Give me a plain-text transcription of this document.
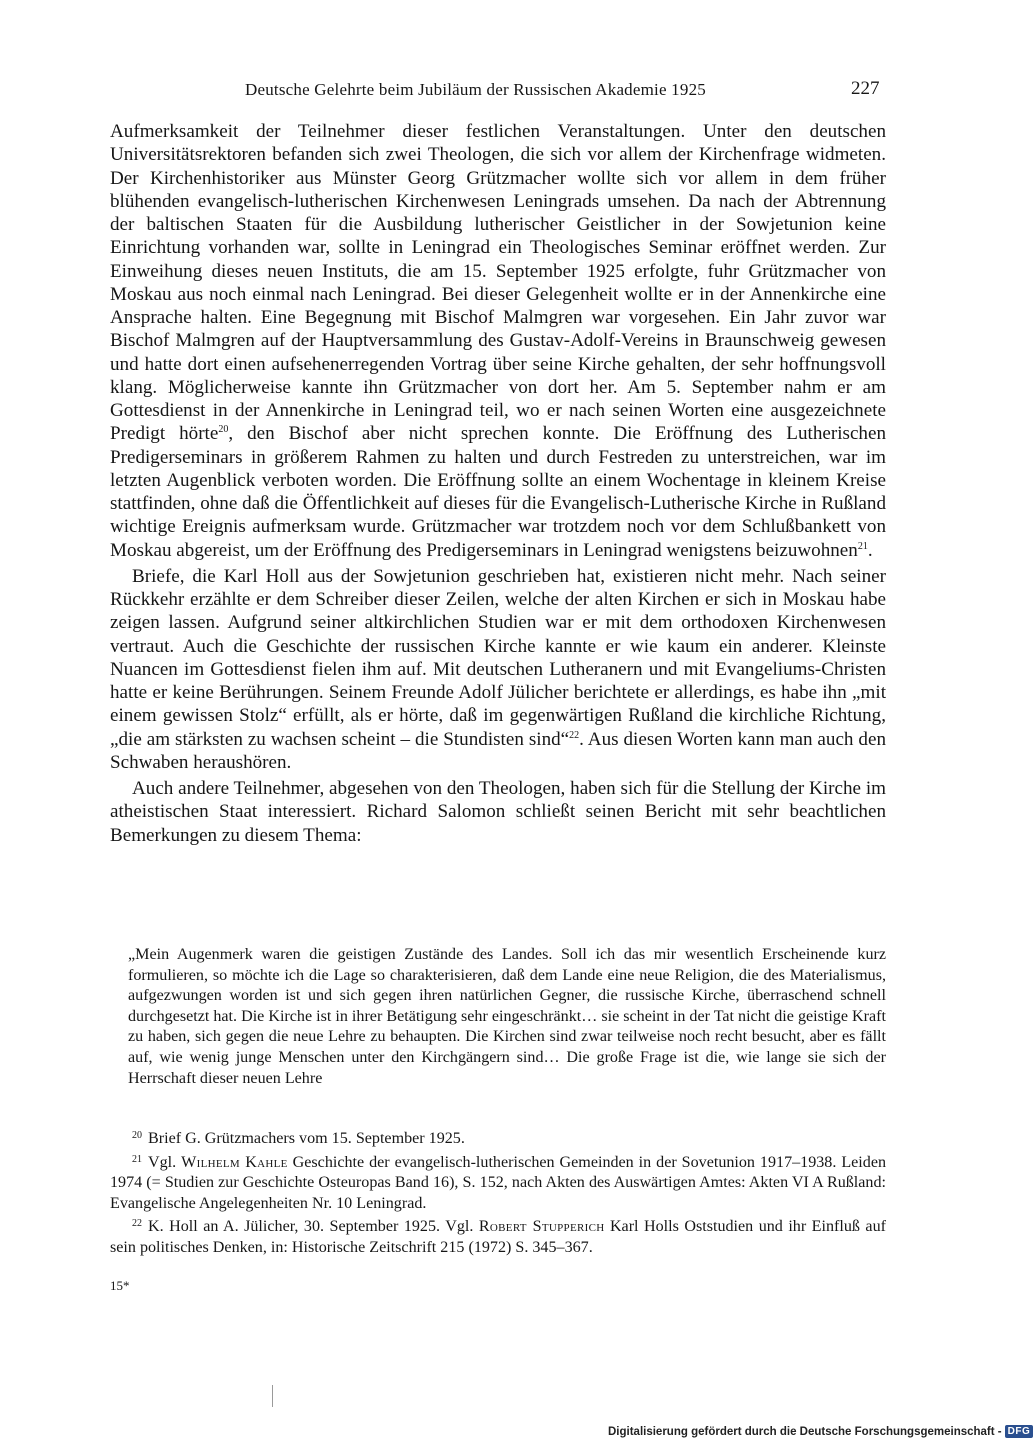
Deutsche Gelehrte beim Jubiläum der Russischen Akademie 1925	227

Aufmerksamkeit der Teilnehmer dieser festlichen Veranstaltungen. Unter den deutschen Universitätsrektoren befanden sich zwei Theologen, die sich vor allem der Kirchenfrage widmeten. Der Kirchenhistoriker aus Münster Georg Grützmacher wollte sich vor allem in dem früher blühenden evangelisch-lutherischen Kirchenwesen Leningrads umsehen. Da nach der Abtrennung der baltischen Staaten für die Ausbildung lutherischer Geistlicher in der Sowjetunion keine Einrichtung vorhanden war, sollte in Leningrad ein Theologisches Seminar eröffnet werden. Zur Einweihung dieses neuen Instituts, die am 15. September 1925 erfolgte, fuhr Grützmacher von Moskau aus noch einmal nach Leningrad. Bei dieser Gelegenheit wollte er in der Annenkirche eine Ansprache halten. Eine Begegnung mit Bischof Malmgren war vorgesehen. Ein Jahr zuvor war Bischof Malmgren auf der Hauptversammlung des Gustav-Adolf-Vereins in Braunschweig gewesen und hatte dort einen aufsehenerregenden Vortrag über seine Kirche gehalten, der sehr hoffnungsvoll klang. Möglicherweise kannte ihn Grützmacher von dort her. Am 5. September nahm er am Gottesdienst in der Annenkirche in Leningrad teil, wo er nach seinen Worten eine ausgezeichnete Predigt hörte$^{20}$, den Bischof aber nicht sprechen konnte. Die Eröffnung des Lutherischen Predigerseminars in größerem Rahmen zu halten und durch Festreden zu unterstreichen, war im letzten Augenblick verboten worden. Die Eröffnung sollte an einem Wochentage in kleinem Kreise stattfinden, ohne daß die Öffentlichkeit auf dieses für die Evangelisch-Lutherische Kirche in Rußland wichtige Ereignis aufmerksam wurde. Grützmacher war trotzdem noch vor dem Schlußbankett von Moskau abgereist, um der Eröffnung des Predigerseminars in Leningrad wenigstens beizuwohnen$^{21}$.

Briefe, die Karl Holl aus der Sowjetunion geschrieben hat, existieren nicht mehr. Nach seiner Rückkehr erzählte er dem Schreiber dieser Zeilen, welche der alten Kirchen er sich in Moskau habe zeigen lassen. Aufgrund seiner altkirchlichen Studien war er mit dem orthodoxen Kirchenwesen vertraut. Auch die Geschichte der russischen Kirche kannte er wie kaum ein anderer. Kleinste Nuancen im Gottesdienst fielen ihm auf. Mit deutschen Lutheranern und mit Evangeliums-Christen hatte er keine Berührungen. Seinem Freunde Adolf Jülicher berichtete er allerdings, es habe ihn „mit einem gewissen Stolz“ erfüllt, als er hörte, daß im gegenwärtigen Rußland die kirchliche Richtung, „die am stärksten zu wachsen scheint – die Stundisten sind“$^{22}$. Aus diesen Worten kann man auch den Schwaben heraushören.

Auch andere Teilnehmer, abgesehen von den Theologen, haben sich für die Stellung der Kirche im atheistischen Staat interessiert. Richard Salomon schließt seinen Bericht mit sehr beachtlichen Bemerkungen zu diesem Thema:

„Mein Augenmerk waren die geistigen Zustände des Landes. Soll ich das mir wesentlich Erscheinende kurz formulieren, so möchte ich die Lage so charakterisieren, daß dem Lande eine neue Religion, die des Materialismus, aufgezwungen worden ist und sich gegen ihren natürlichen Gegner, die russische Kirche, überraschend schnell durchgesetzt hat. Die Kirche ist in ihrer Betätigung sehr eingeschränkt… sie scheint in der Tat nicht die geistige Kraft zu haben, sich gegen die neue Lehre zu behaupten. Die Kirchen sind zwar teilweise noch recht besucht, aber es fällt auf, wie wenig junge Menschen unter den Kirchgängern sind… Die große Frage ist die, wie lange sie sich der Herrschaft dieser neuen Lehre

$^{20}$ Brief G. Grützmachers vom 15. September 1925.

$^{21}$ Vgl. Wilhelm Kahle Geschichte der evangelisch-lutherischen Gemeinden in der Sovetunion 1917–1938. Leiden 1974 (= Studien zur Geschichte Osteuropas Band 16), S. 152, nach Akten des Auswärtigen Amtes: Akten VI A Rußland: Evangelische Angelegenheiten Nr. 10 Leningrad.

$^{22}$ K. Holl an A. Jülicher, 30. September 1925. Vgl. Robert Stupperich Karl Holls Oststudien und ihr Einfluß auf sein politisches Denken, in: Historische Zeitschrift 215 (1972) S. 345–367.

15*
Digitalisierung gefördert durch die Deutsche Forschungsgemeinschaft - DFG
